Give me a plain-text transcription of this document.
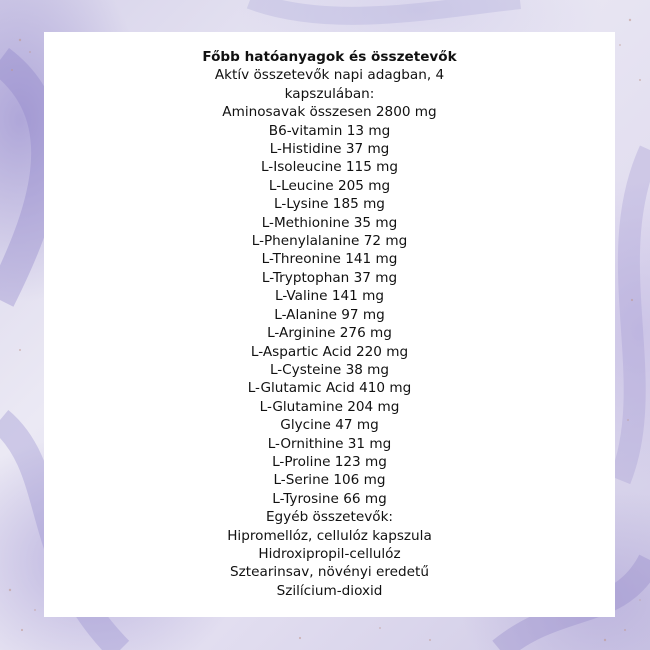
Főbb hatóanyagok és összetevők
Aktív összetevők napi adagban, 4
kapszulában:
Aminosavak összesen 2800 mg
B6-vitamin 13 mg
L-Histidine 37 mg
L-Isoleucine 115 mg
L-Leucine 205 mg
L-Lysine 185 mg
L-Methionine 35 mg
L-Phenylalanine 72 mg
L-Threonine 141 mg
L-Tryptophan 37 mg
L-Valine 141 mg
L-Alanine 97 mg
L-Arginine 276 mg
L-Aspartic Acid 220 mg
L-Cysteine 38 mg
L-Glutamic Acid 410 mg
L-Glutamine 204 mg
Glycine 47 mg
L-Ornithine 31 mg
L-Proline 123 mg
L-Serine 106 mg
L-Tyrosine 66 mg
Egyéb összetevők:
Hipromellóz, cellulóz kapszula
Hidroxipropil-cellulóz
Sztearinsav, növényi eredetű
Szilícium-dioxid
